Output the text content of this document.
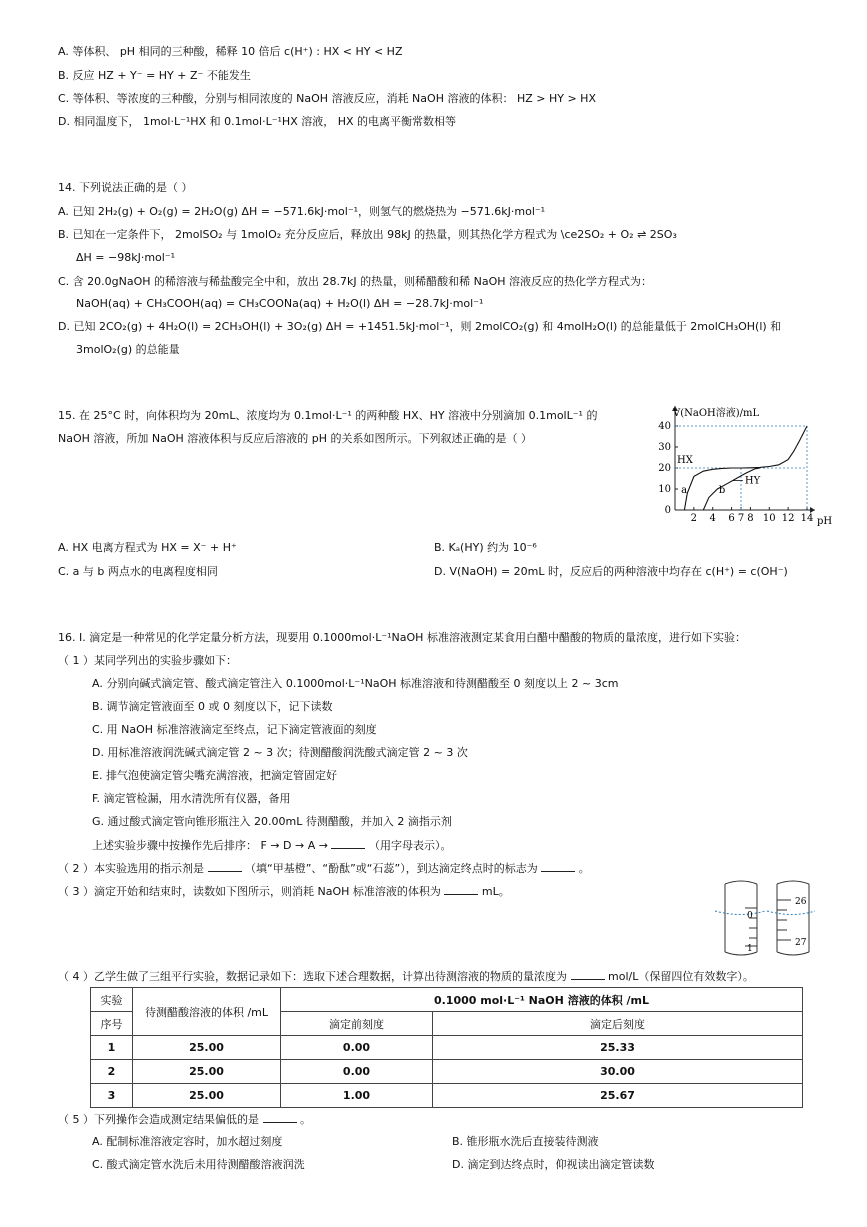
A. 等体积、 pH 相同的三种酸，稀释 10 倍后 c(H⁺) : HX < HY < HZ
B. 反应 HZ + Y⁻ = HY + Z⁻ 不能发生
C. 等体积、等浓度的三种酸，分别与相同浓度的 NaOH 溶液反应，消耗 NaOH 溶液的体积： HZ > HY > HX
D. 相同温度下， 1mol·L⁻¹HX 和 0.1mol·L⁻¹HX 溶液， HX 的电离平衡常数相等
14. 下列说法正确的是（ ）
A. 已知 2H₂(g) + O₂(g) = 2H₂O(g) ΔH = −571.6kJ·mol⁻¹，则氢气的燃烧热为 −571.6kJ·mol⁻¹
B. 已知在一定条件下， 2molSO₂ 与 1molO₂ 充分反应后，释放出 98kJ 的热量，则其热化学方程式为 \ce2SO₂ + O₂ ⇌ 2SO₃
ΔH = −98kJ·mol⁻¹
C. 含 20.0gNaOH 的稀溶液与稀盐酸完全中和，放出 28.7kJ 的热量，则稀醋酸和稀 NaOH 溶液反应的热化学方程式为：
NaOH(aq) + CH₃COOH(aq) = CH₃COONa(aq) + H₂O(l) ΔH = −28.7kJ·mol⁻¹
D. 已知 2CO₂(g) + 4H₂O(l) = 2CH₃OH(l) + 3O₂(g) ΔH = +1451.5kJ·mol⁻¹，则 2molCO₂(g) 和 4molH₂O(l) 的总能量低于 2molCH₃OH(l) 和
3molO₂(g) 的总能量
15. 在 25°C 时，向体积均为 20mL、浓度均为 0.1mol·L⁻¹ 的两种酸 HX、HY 溶液中分别滴加 0.1molL⁻¹ 的
NaOH 溶液，所加 NaOH 溶液体积与反应后溶液的 pH 的关系如图所示。下列叙述正确的是（ ）
0
10
20
30
40
2 4 6 7 8 10 12 14
V(NaOH溶液)/mL
pH
HX
HY
a	b
A. HX 电离方程式为 HX = X⁻ + H⁺	B. Kₐ(HY) 约为 10⁻⁶
C. a 与 b 两点水的电离程度相同	D. V(NaOH) = 20mL 时，反应后的两种溶液中均存在 c(H⁺) = c(OH⁻)
16. Ⅰ. 滴定是一种常见的化学定量分析方法，现要用 0.1000mol·L⁻¹NaOH 标准溶液测定某食用白醋中醋酸的物质的量浓度，进行如下实验：
（ 1 ）某同学列出的实验步骤如下：
A. 分别向碱式滴定管、酸式滴定管注入 0.1000mol·L⁻¹NaOH 标准溶液和待测醋酸至 0 刻度以上 2 ~ 3cm
B. 调节滴定管液面至 0 或 0 刻度以下，记下读数
C. 用 NaOH 标准溶液滴定至终点，记下滴定管液面的刻度
D. 用标准溶液润洗碱式滴定管 2 ~ 3 次；待测醋酸润洗酸式滴定管 2 ~ 3 次
E. 排气泡使滴定管尖嘴充满溶液，把滴定管固定好
F. 滴定管检漏，用水清洗所有仪器，备用
G. 通过酸式滴定管向锥形瓶注入 20.00mL 待测醋酸，并加入 2 滴指示剂
上述实验步骤中按操作先后排序： F → D → A →	（用字母表示）。
（ 2 ）本实验选用的指示剂是	（填“甲基橙”、“酚酞”或“石蕊”），到达滴定终点时的标志为	。
（ 3 ）滴定开始和结束时，读数如下图所示，则消耗 NaOH 标准溶液的体积为	mL。
0
1
26
27
（ 4 ）乙学生做了三组平行实验，数据记录如下：选取下述合理数据，计算出待测溶液的物质的量浓度为	mol/L（保留四位有效数字）。
实验	待测醋酸溶液的体积 /mL	0.1000 mol·L⁻¹ NaOH 溶液的体积 /mL	
序号		滴定前刻度	滴定后刻度
1	25.00	0.00	25.33
2	25.00	0.00	30.00
3	25.00	1.00	25.67
（ 5 ）下列操作会造成测定结果偏低的是	。
A. 配制标准溶液定容时，加水超过刻度	B. 锥形瓶水洗后直接装待测液
C. 酸式滴定管水洗后未用待测醋酸溶液润洗	D. 滴定到达终点时，仰视读出滴定管读数
